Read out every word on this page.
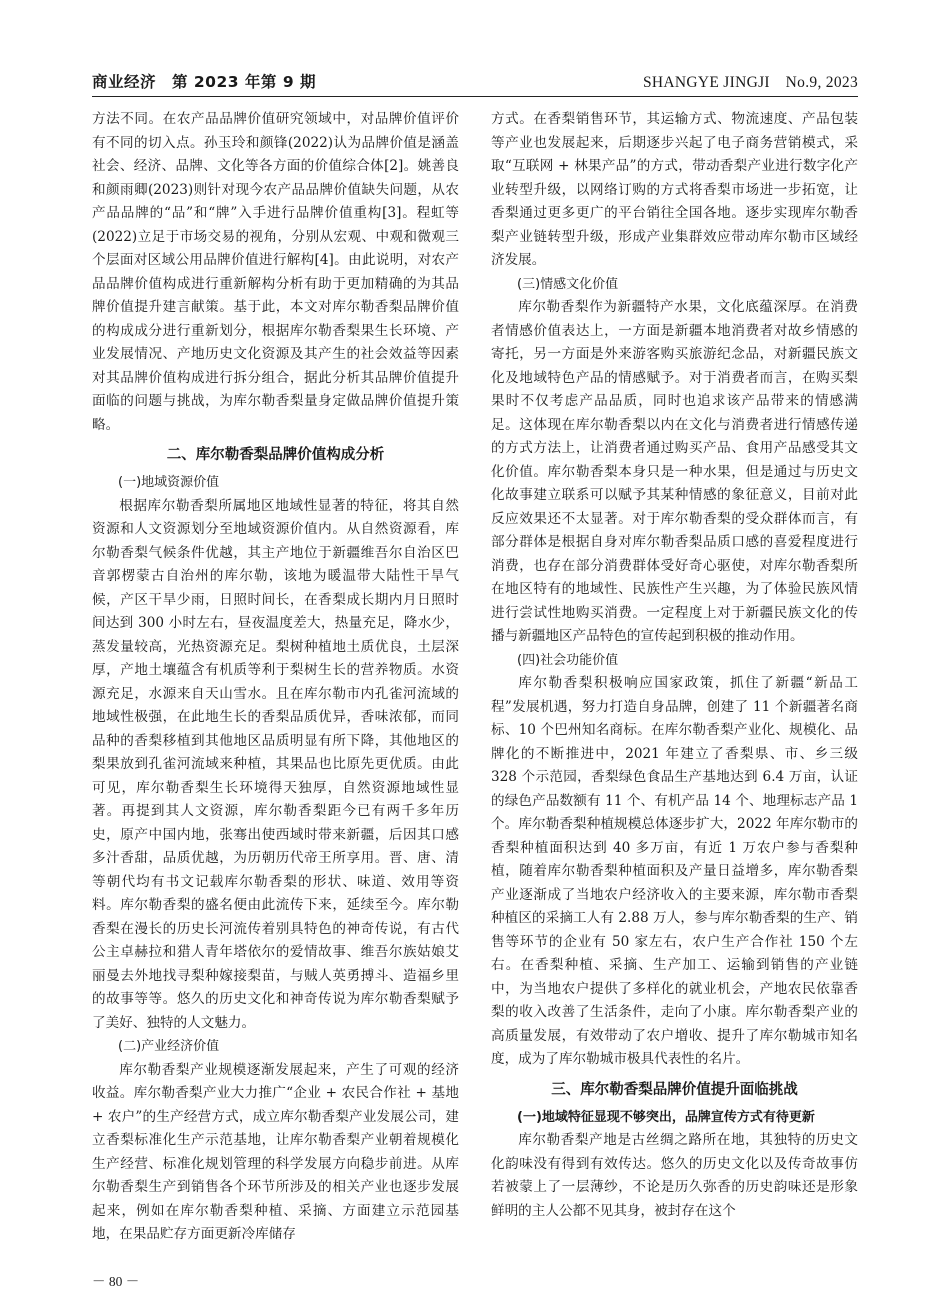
商业经济　第 2023 年第 9 期	SHANGYE JINGJI　No.9, 2023

方法不同。在农产品品牌价值研究领域中，对品牌价值评价有不同的切入点。孙玉玲和颜锋(2022)认为品牌价值是涵盖社会、经济、品牌、文化等各方面的价值综合体[2]。姚善良和颜雨卿(2023)则针对现今农产品品牌价值缺失问题，从农产品品牌的“品”和“牌”入手进行品牌价值重构[3]。程虹等(2022)立足于市场交易的视角，分别从宏观、中观和微观三个层面对区域公用品牌价值进行解构[4]。由此说明，对农产品品牌价值构成进行重新解构分析有助于更加精确的为其品牌价值提升建言献策。基于此，本文对库尔勒香梨品牌价值的构成成分进行重新划分，根据库尔勒香梨果生长环境、产业发展情况、产地历史文化资源及其产生的社会效益等因素对其品牌价值构成进行拆分组合，据此分析其品牌价值提升面临的问题与挑战，为库尔勒香梨量身定做品牌价值提升策略。

二、库尔勒香梨品牌价值构成分析
(一)地域资源价值

根据库尔勒香梨所属地区地域性显著的特征，将其自然资源和人文资源划分至地域资源价值内。从自然资源看，库尔勒香梨气候条件优越，其主产地位于新疆维吾尔自治区巴音郭楞蒙古自治州的库尔勒，该地为暖温带大陆性干旱气候，产区干旱少雨，日照时间长，在香梨成长期内月日照时间达到 300 小时左右，昼夜温度差大，热量充足，降水少，蒸发量较高，光热资源充足。梨树种植地土质优良，土层深厚，产地土壤蕴含有机质等利于梨树生长的营养物质。水资源充足，水源来自天山雪水。且在库尔勒市内孔雀河流域的地域性极强，在此地生长的香梨品质优异，香味浓郁，而同品种的香梨移植到其他地区品质明显有所下降，其他地区的梨果放到孔雀河流域来种植，其果品也比原先更优质。由此可见，库尔勒香梨生长环境得天独厚，自然资源地域性显著。再提到其人文资源，库尔勒香梨距今已有两千多年历史，原产中国内地，张骞出使西域时带来新疆，后因其口感多汁香甜，品质优越，为历朝历代帝王所享用。晋、唐、清等朝代均有书文记载库尔勒香梨的形状、味道、效用等资料。库尔勒香梨的盛名便由此流传下来，延续至今。库尔勒香梨在漫长的历史长河流传着别具特色的神奇传说，有古代公主卓赫拉和猎人青年塔依尔的爱情故事、维吾尔族姑娘艾丽曼去外地找寻梨种嫁接梨苗，与贼人英勇搏斗、造福乡里的故事等等。悠久的历史文化和神奇传说为库尔勒香梨赋予了美好、独特的人文魅力。

(二)产业经济价值

库尔勒香梨产业规模逐渐发展起来，产生了可观的经济收益。库尔勒香梨产业大力推广“企业 + 农民合作社 + 基地 + 农户”的生产经营方式，成立库尔勒香梨产业发展公司，建立香梨标准化生产示范基地，让库尔勒香梨产业朝着规模化生产经营、标准化规划管理的科学发展方向稳步前进。从库尔勒香梨生产到销售各个环节所涉及的相关产业也逐步发展起来，例如在库尔勒香梨种植、采摘、方面建立示范园基地，在果品贮存方面更新冷库储存

方式。在香梨销售环节，其运输方式、物流速度、产品包装等产业也发展起来，后期逐步兴起了电子商务营销模式，采取“互联网 + 林果产品”的方式，带动香梨产业进行数字化产业转型升级，以网络订购的方式将香梨市场进一步拓宽，让香梨通过更多更广的平台销往全国各地。逐步实现库尔勒香梨产业链转型升级，形成产业集群效应带动库尔勒市区域经济发展。

(三)情感文化价值

库尔勒香梨作为新疆特产水果，文化底蕴深厚。在消费者情感价值表达上，一方面是新疆本地消费者对故乡情感的寄托，另一方面是外来游客购买旅游纪念品，对新疆民族文化及地域特色产品的情感赋予。对于消费者而言，在购买梨果时不仅考虑产品品质，同时也追求该产品带来的情感满足。这体现在库尔勒香梨以内在文化与消费者进行情感传递的方式方法上，让消费者通过购买产品、食用产品感受其文化价值。库尔勒香梨本身只是一种水果，但是通过与历史文化故事建立联系可以赋予其某种情感的象征意义，目前对此反应效果还不太显著。对于库尔勒香梨的受众群体而言，有部分群体是根据自身对库尔勒香梨品质口感的喜爱程度进行消费，也存在部分消费群体受好奇心驱使，对库尔勒香梨所在地区特有的地域性、民族性产生兴趣，为了体验民族风情进行尝试性地购买消费。一定程度上对于新疆民族文化的传播与新疆地区产品特色的宣传起到积极的推动作用。

(四)社会功能价值

库尔勒香梨积极响应国家政策，抓住了新疆“新品工程”发展机遇，努力打造自身品牌，创建了 11 个新疆著名商标、10 个巴州知名商标。在库尔勒香梨产业化、规模化、品牌化的不断推进中，2021 年建立了香梨県、市、乡三级 328 个示范园，香梨绿色食品生产基地达到 6.4 万亩，认证的绿色产品数额有 11 个、有机产品 14 个、地理标志产品 1 个。库尔勒香梨种植规模总体逐步扩大，2022 年库尔勒市的香梨种植面积达到 40 多万亩，有近 1 万农户参与香梨种植，随着库尔勒香梨种植面积及产量日益增多，库尔勒香梨产业逐渐成了当地农户经济收入的主要来源，库尔勒市香梨种植区的采摘工人有 2.88 万人，参与库尔勒香梨的生产、销售等环节的企业有 50 家左右，农户生产合作社 150 个左右。在香梨种植、采摘、生产加工、运输到销售的产业链中，为当地农户提供了多样化的就业机会，产地农民依靠香梨的收入改善了生活条件，走向了小康。库尔勒香梨产业的高质量发展，有效带动了农户增收、提升了库尔勒城市知名度，成为了库尔勒城市极具代表性的名片。

三、库尔勒香梨品牌价值提升面临挑战
(一)地域特征显现不够突出，品牌宣传方式有待更新

库尔勒香梨产地是古丝绸之路所在地，其独特的历史文化韵味没有得到有效传达。悠久的历史文化以及传奇故事仿若被蒙上了一层薄纱，不论是历久弥香的历史韵味还是形象鲜明的主人公都不见其身，被封存在这个

－ 80 －
